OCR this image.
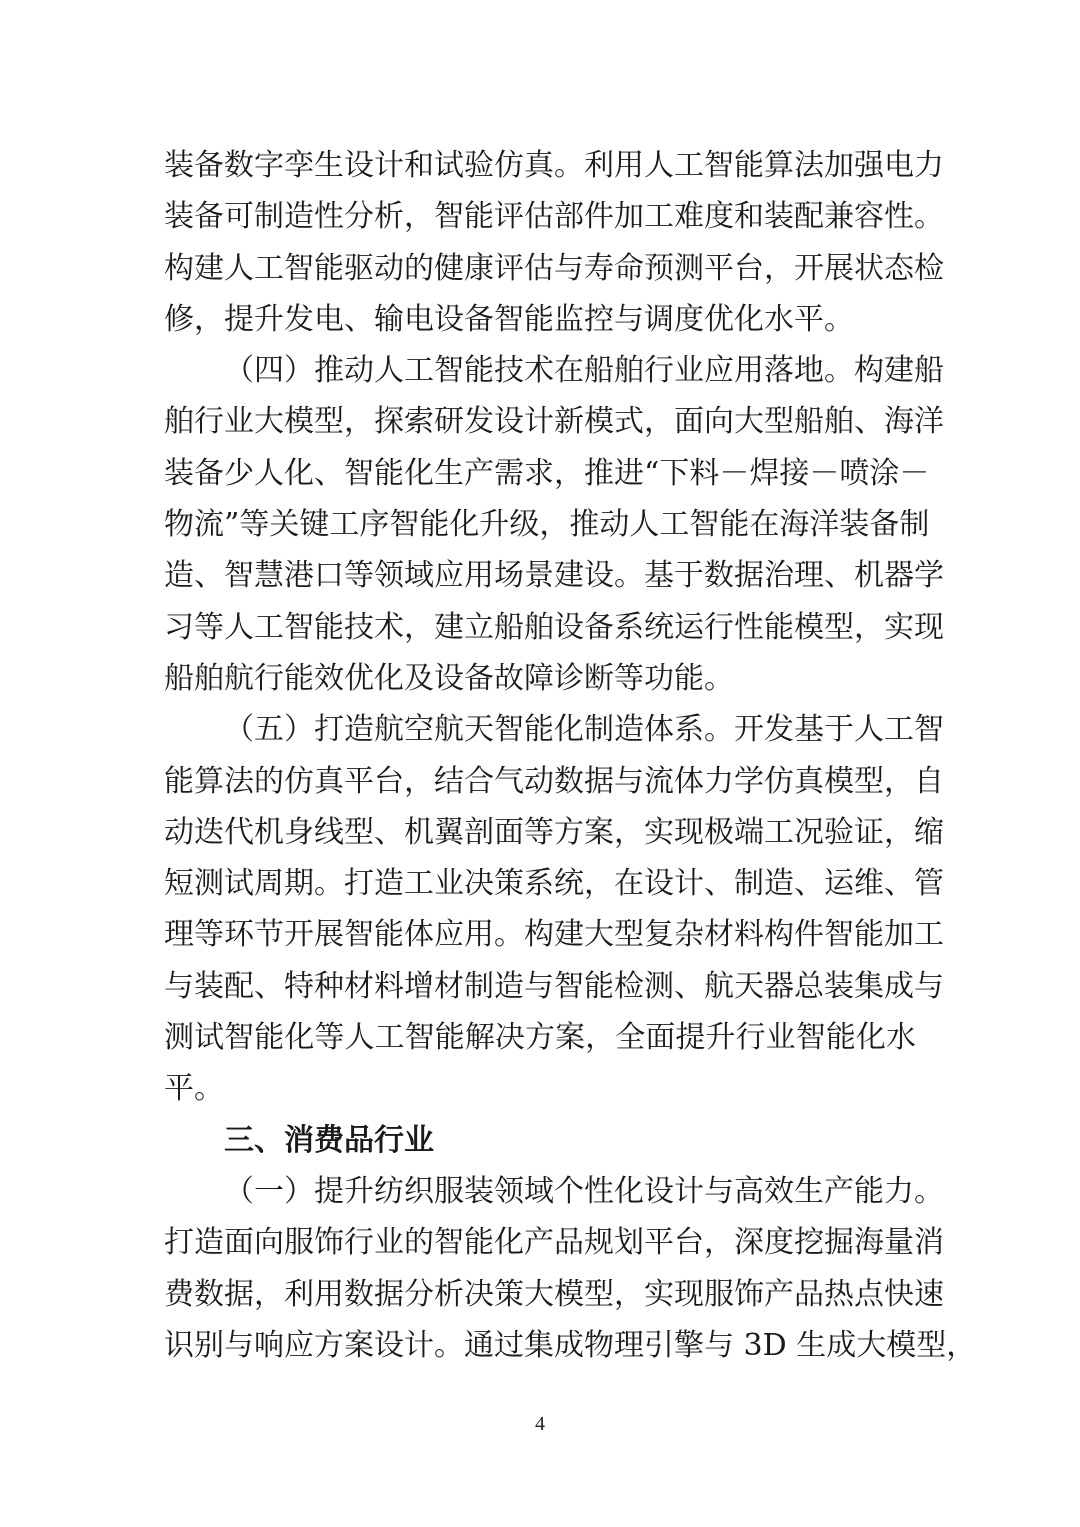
装备数字孪生设计和试验仿真。利用人工智能算法加强电力
装备可制造性分析，智能评估部件加工难度和装配兼容性。
构建人工智能驱动的健康评估与寿命预测平台，开展状态检
修，提升发电、输电设备智能监控与调度优化水平。
（四）推动人工智能技术在船舶行业应用落地。构建船
舶行业大模型，探索研发设计新模式，面向大型船舶、海洋
装备少人化、智能化生产需求，推进“下料－焊接－喷涂－
物流”等关键工序智能化升级，推动人工智能在海洋装备制
造、智慧港口等领域应用场景建设。基于数据治理、机器学
习等人工智能技术，建立船舶设备系统运行性能模型，实现
船舶航行能效优化及设备故障诊断等功能。
（五）打造航空航天智能化制造体系。开发基于人工智
能算法的仿真平台，结合气动数据与流体力学仿真模型，自
动迭代机身线型、机翼剖面等方案，实现极端工况验证，缩
短测试周期。打造工业决策系统，在设计、制造、运维、管
理等环节开展智能体应用。构建大型复杂材料构件智能加工
与装配、特种材料增材制造与智能检测、航天器总装集成与
测试智能化等人工智能解决方案，全面提升行业智能化水
平。
三、消费品行业
（一）提升纺织服装领域个性化设计与高效生产能力。
打造面向服饰行业的智能化产品规划平台，深度挖掘海量消
费数据，利用数据分析决策大模型，实现服饰产品热点快速
识别与响应方案设计。通过集成物理引擎与 3D 生成大模型，
4
